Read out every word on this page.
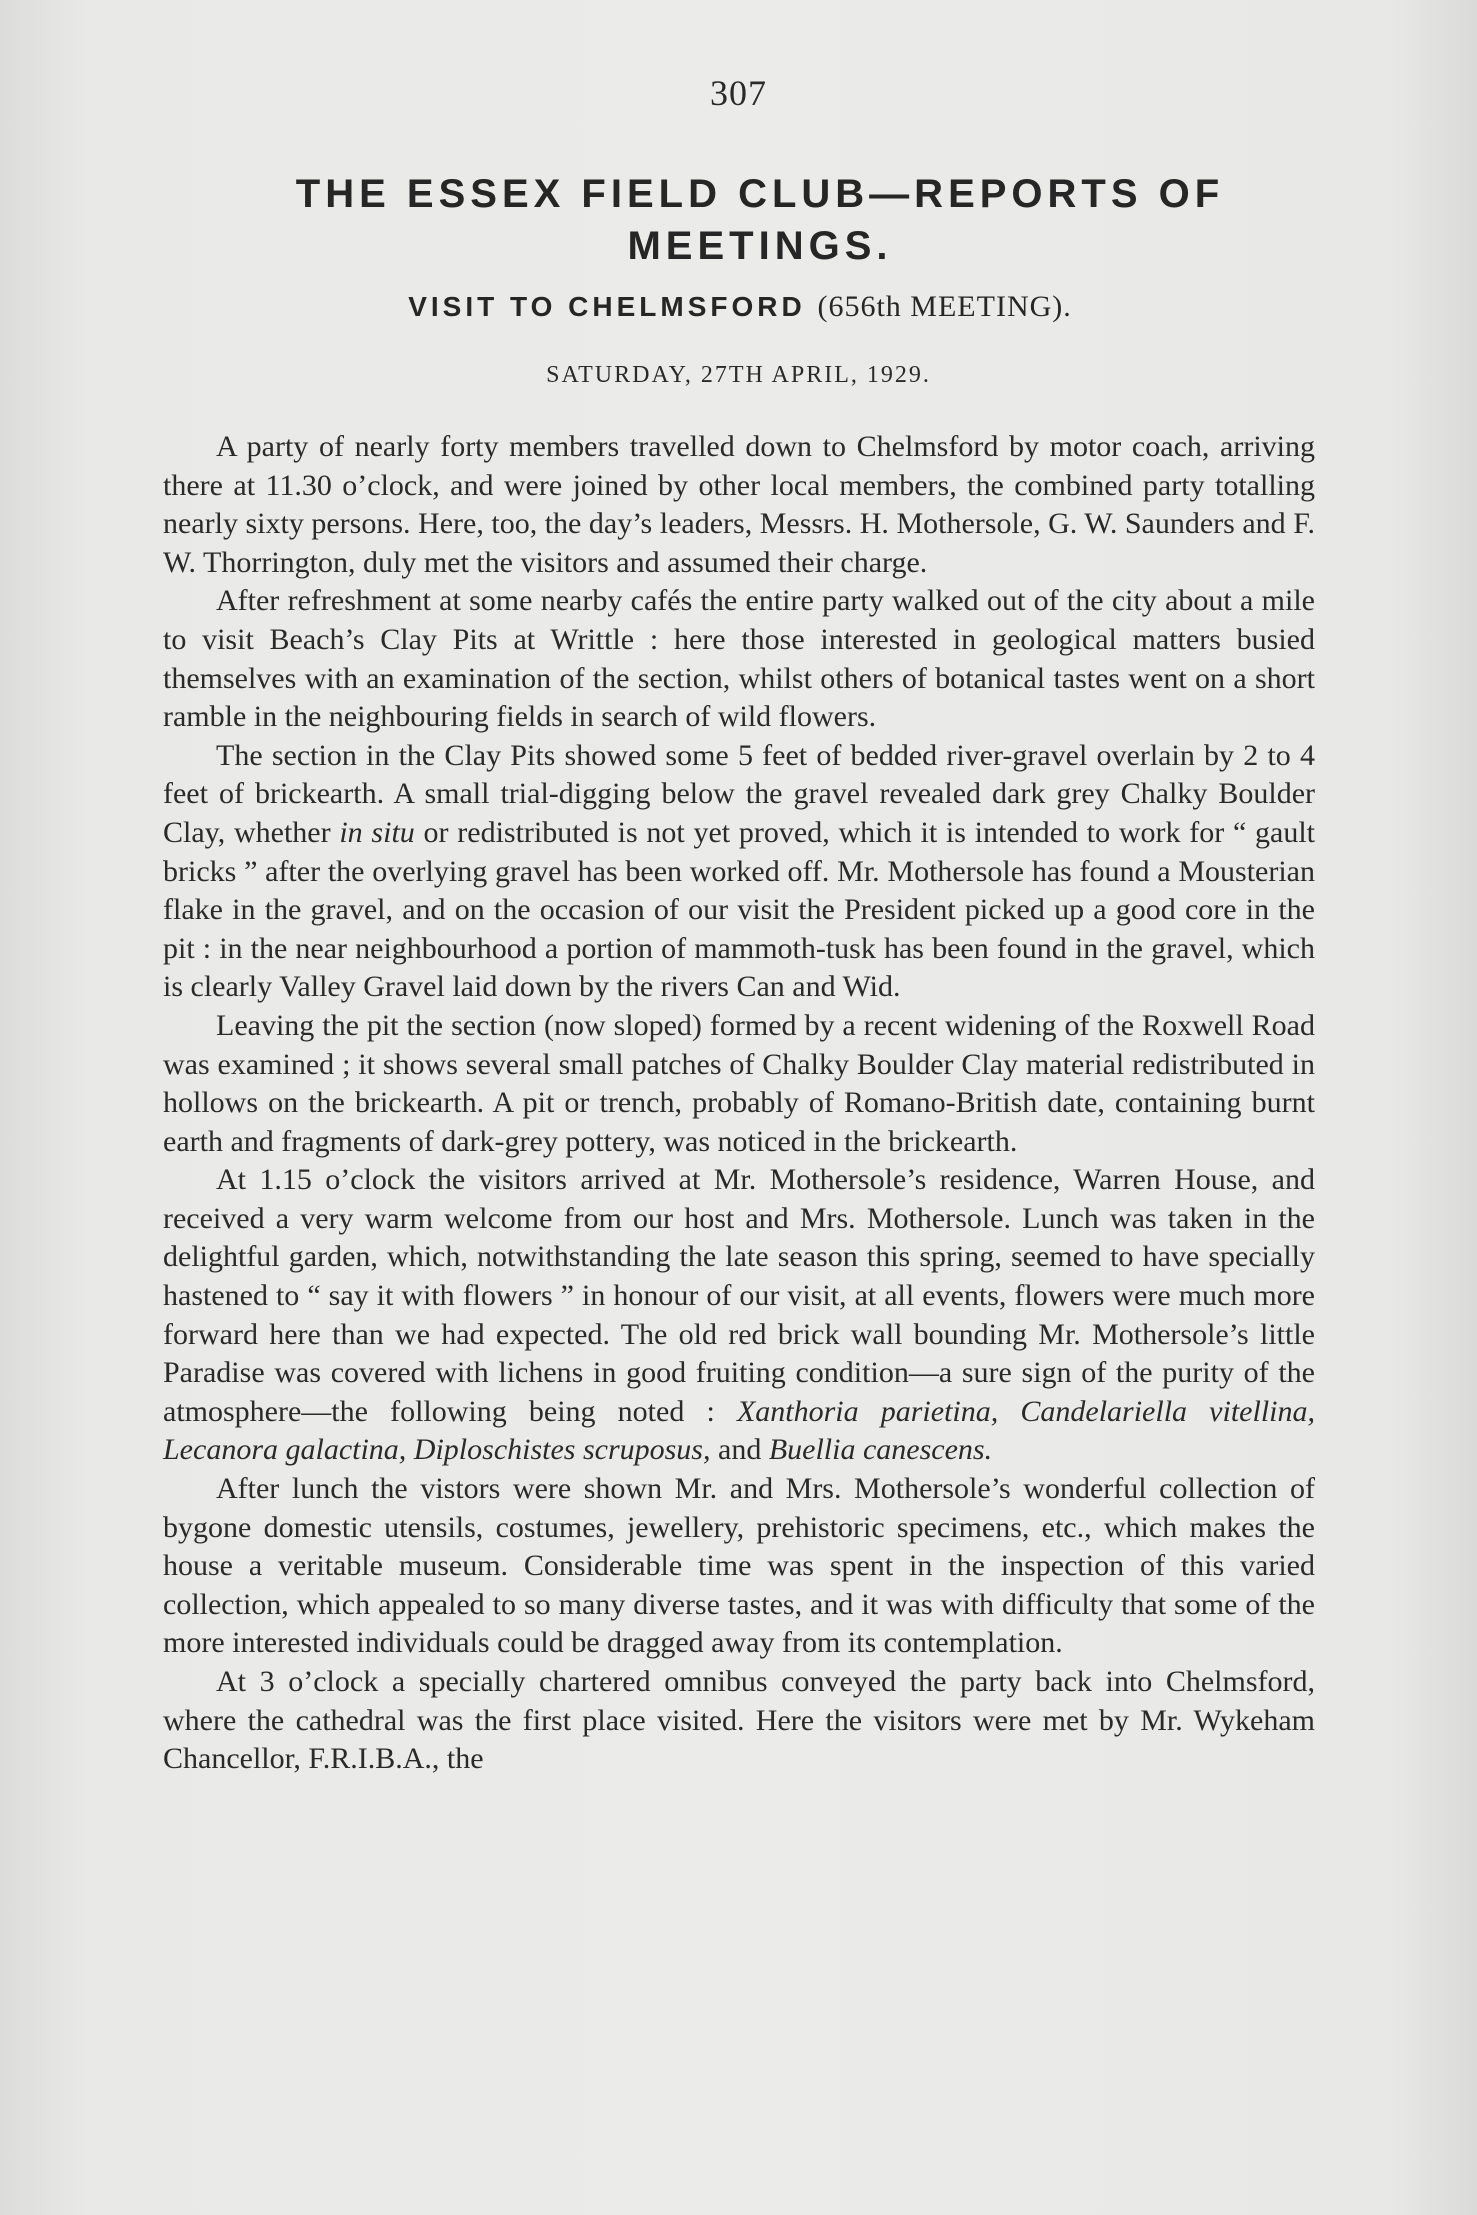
307
THE ESSEX FIELD CLUB—REPORTS OF MEETINGS.
VISIT TO CHELMSFORD (656th MEETING).
SATURDAY, 27TH APRIL, 1929.

A party of nearly forty members travelled down to Chelmsford by motor coach, arriving there at 11.30 o’clock, and were joined by other local members, the combined party totalling nearly sixty persons. Here, too, the day’s leaders, Messrs. H. Mothersole, G. W. Saunders and F. W. Thorrington, duly met the visitors and assumed their charge.

After refreshment at some nearby cafés the entire party walked out of the city about a mile to visit Beach’s Clay Pits at Writtle : here those interested in geological matters busied themselves with an examination of the section, whilst others of botanical tastes went on a short ramble in the neighbouring fields in search of wild flowers.

The section in the Clay Pits showed some 5 feet of bedded river-gravel overlain by 2 to 4 feet of brickearth. A small trial-digging below the gravel revealed dark grey Chalky Boulder Clay, whether in situ or redistributed is not yet proved, which it is intended to work for “ gault bricks ” after the overlying gravel has been worked off. Mr. Mothersole has found a Mousterian flake in the gravel, and on the occasion of our visit the President picked up a good core in the pit : in the near neighbourhood a portion of mammoth-tusk has been found in the gravel, which is clearly Valley Gravel laid down by the rivers Can and Wid.

Leaving the pit the section (now sloped) formed by a recent widening of the Roxwell Road was examined ; it shows several small patches of Chalky Boulder Clay material redistributed in hollows on the brickearth. A pit or trench, probably of Romano-British date, containing burnt earth and fragments of dark-grey pottery, was noticed in the brickearth.

At 1.15 o’clock the visitors arrived at Mr. Mothersole’s residence, Warren House, and received a very warm welcome from our host and Mrs. Mothersole. Lunch was taken in the delightful garden, which, notwithstanding the late season this spring, seemed to have specially hastened to “ say it with flowers ” in honour of our visit, at all events, flowers were much more forward here than we had expected. The old red brick wall bounding Mr. Mothersole’s little Paradise was covered with lichens in good fruiting condition—a sure sign of the purity of the atmosphere—the following being noted : Xanthoria parietina, Candelariella vitellina, Lecanora galactina, Diploschistes scruposus, and Buellia canescens.

After lunch the vistors were shown Mr. and Mrs. Mothersole’s wonderful collection of bygone domestic utensils, costumes, jewellery, prehistoric specimens, etc., which makes the house a veritable museum. Considerable time was spent in the inspection of this varied collection, which appealed to so many diverse tastes, and it was with difficulty that some of the more interested individuals could be dragged away from its contemplation.

At 3 o’clock a specially chartered omnibus conveyed the party back into Chelmsford, where the cathedral was the first place visited. Here the visitors were met by Mr. Wykeham Chancellor, F.R.I.B.A., the
